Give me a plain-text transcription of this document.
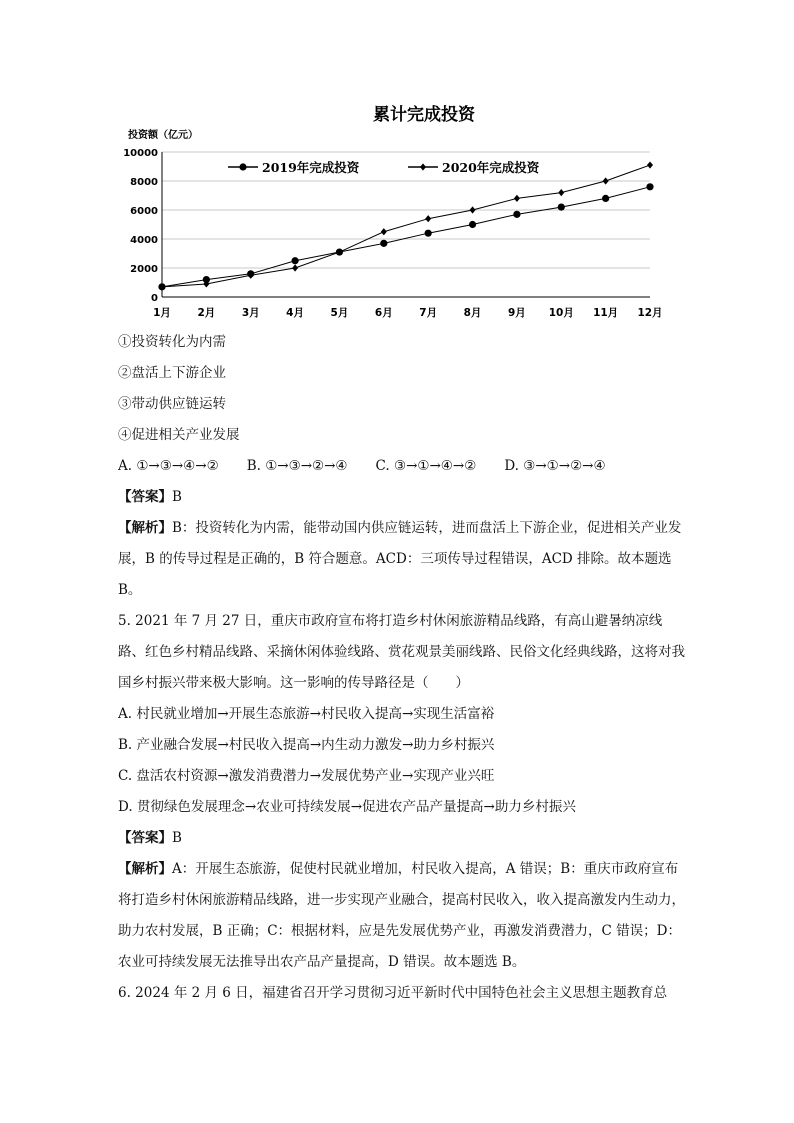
累计完成投资
投资额（亿元）
0
2000
4000
6000
8000
10000
1月	2月	3月	4月	5月	6月	7月	8月	9月 10月 11月 12月
2019年完成投资	2020年完成投资

①投资转化为内需

②盘活上下游企业

③带动供应链运转

④促进相关产业发展

A. ①→③→④→② B. ①→③→②→④ C. ③→①→④→② D. ③→①→②→④

【答案】B

【解析】B：投资转化为内需，能带动国内供应链运转，进而盘活上下游企业，促进相关产业发展，B 的传导过程是正确的，B 符合题意。ACD：三项传导过程错误，ACD 排除。故本题选 B。

5. 2021 年 7 月 27 日，重庆市政府宣布将打造乡村休闲旅游精品线路，有高山避暑纳凉线路、红色乡村精品线路、采摘休闲体验线路、赏花观景美丽线路、民俗文化经典线路，这将对我国乡村振兴带来极大影响。这一影响的传导路径是（　　）

A. 村民就业增加→开展生态旅游→村民收入提高→实现生活富裕

B. 产业融合发展→村民收入提高→内生动力激发→助力乡村振兴

C. 盘活农村资源→激发消费潜力→发展优势产业→实现产业兴旺

D. 贯彻绿色发展理念→农业可持续发展→促进农产品产量提高→助力乡村振兴

【答案】B

【解析】A：开展生态旅游，促使村民就业增加，村民收入提高，A 错误；B：重庆市政府宣布将打造乡村休闲旅游精品线路，进一步实现产业融合，提高村民收入，收入提高激发内生动力，助力农村发展，B 正确；C：根据材料，应是先发展优势产业，再激发消费潜力，C 错误；D：农业可持续发展无法推导出农产品产量提高，D 错误。故本题选 B。

6. 2024 年 2 月 6 日，福建省召开学习贯彻习近平新时代中国特色社会主义思想主题教育总
